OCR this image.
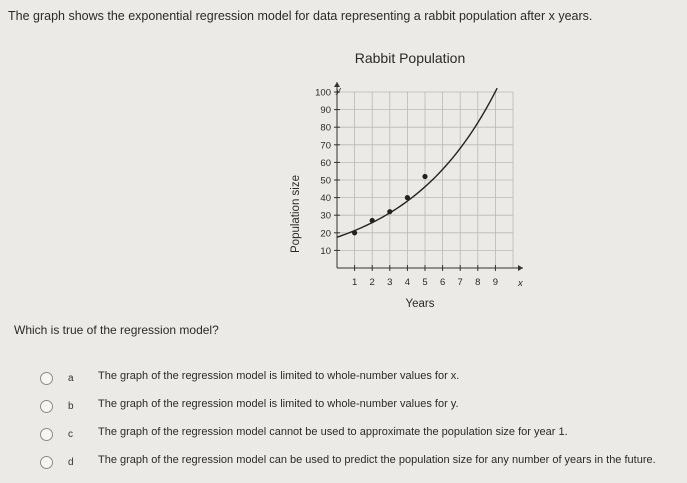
The graph shows the exponential regression model for data representing a rabbit population after x years.
Rabbit Population
1 2 3 4 5 6 7 8 9
10
20
30
40
50
60
70
80
90
100
Years
Population size
x
y
Which is true of the regression model?
a The graph of the regression model is limited to whole-number values for x.
b The graph of the regression model is limited to whole-number values for y.
c The graph of the regression model cannot be used to approximate the population size for year 1.
d The graph of the regression model can be used to predict the population size for any number of years in the future.
